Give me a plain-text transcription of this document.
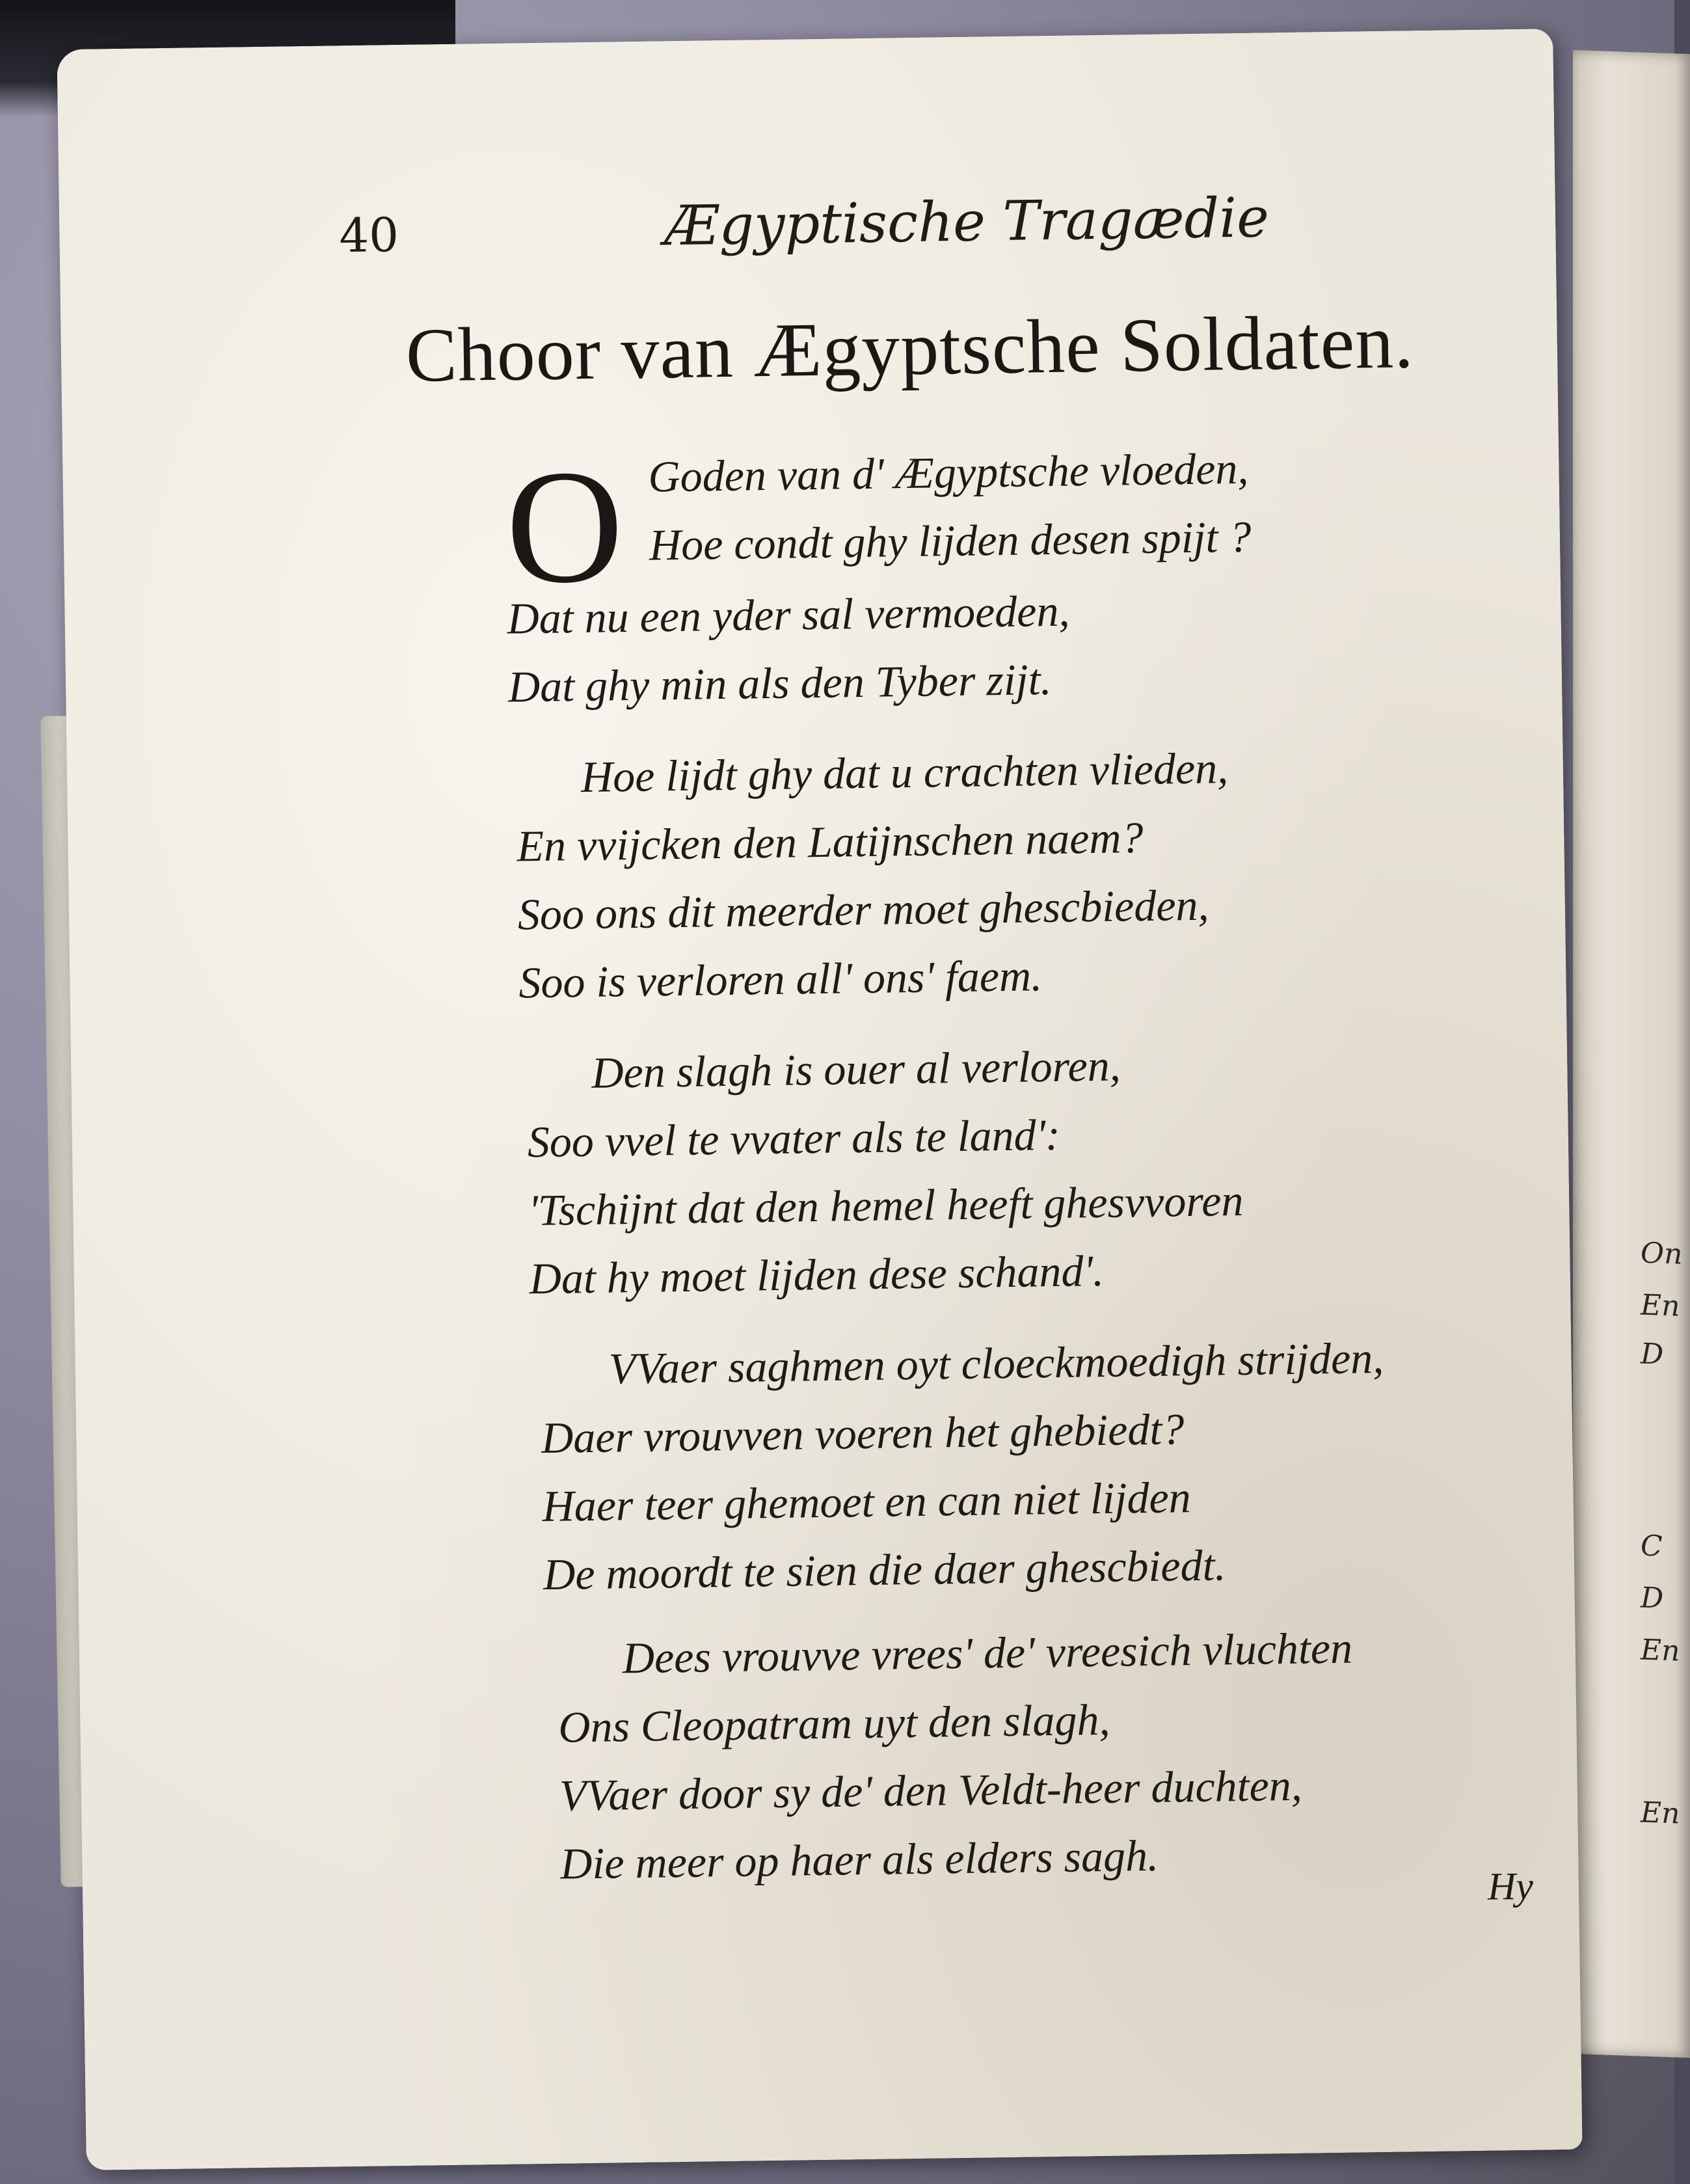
On
En
D
C
D
En
En
40	Ægyptische Tragædie
Choor van Ægyptsche Soldaten.
O Goden van d' Ægyptsche vloeden,
Hoe condt ghy lijden desen spijt ?
Dat nu een yder sal vermoeden,
Dat ghy min als den Tyber zijt.
Hoe lijdt ghy dat u crachten vlieden,
En vvijcken den Latijnschen naem?
Soo ons dit meerder moet ghescbieden,
Soo is verloren all' ons' faem.
Den slagh is ouer al verloren,
Soo vvel te vvater als te land':
'Tschijnt dat den hemel heeft ghesvvoren
Dat hy moet lijden dese schand'.
VVaer saghmen oyt cloeckmoedigh strijden,
Daer vrouvven voeren het ghebiedt?
Haer teer ghemoet en can niet lijden
De moordt te sien die daer ghescbiedt.
Dees vrouvve vrees' de' vreesich vluchten
Ons Cleopatram uyt den slagh,
VVaer door sy de' den Veldt-heer duchten,
Die meer op haer als elders sagh.	Hy
